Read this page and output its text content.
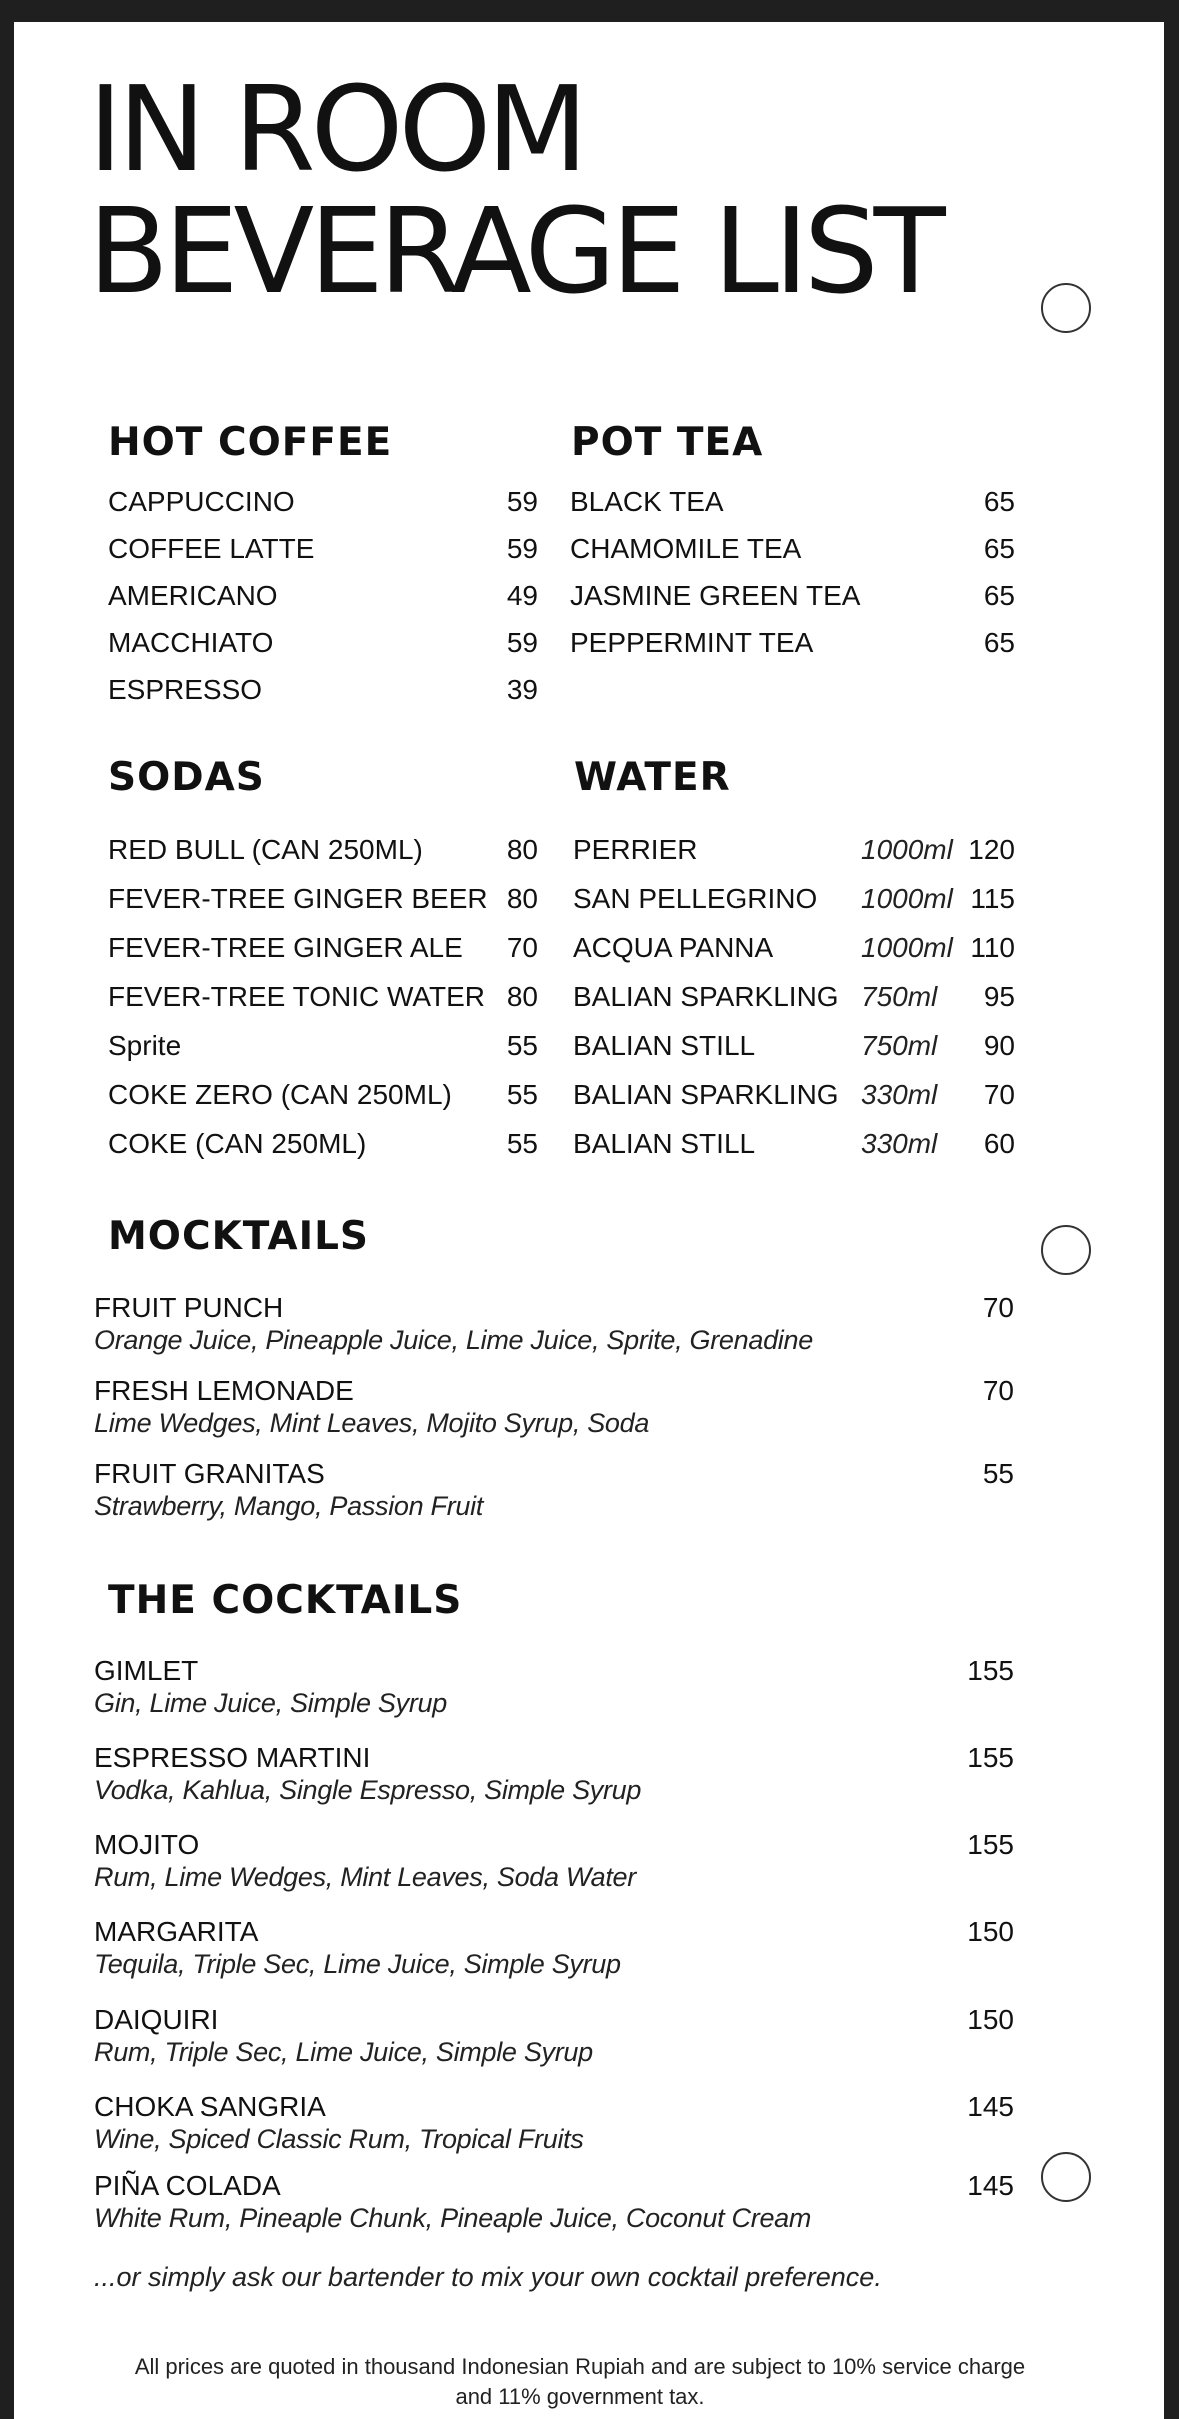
IN ROOM
BEVERAGE LIST
HOT COFFEE
CAPPUCCINO	59
COFFEE LATTE	59
AMERICANO	49
MACCHIATO	59
ESPRESSO	39
POT TEA
BLACK TEA	65
CHAMOMILE TEA	65
JASMINE GREEN TEA	65
PEPPERMINT TEA	65
SODAS
RED BULL (CAN 250ML)	80
FEVER-TREE GINGER BEER 80
FEVER-TREE GINGER ALE 70
FEVER-TREE TONIC WATER 80
Sprite	55
COKE ZERO (CAN 250ML) 55
COKE (CAN 250ML)	55
WATER
PERRIER	1000ml 120
SAN PELLEGRINO 1000ml 115
ACQUA PANNA	1000ml 110
BALIAN SPARKLING 750ml 95
BALIAN STILL	750ml 90
BALIAN SPARKLING 330ml 70
BALIAN STILL	330ml 60
MOCKTAILS
FRUIT PUNCH
Orange Juice, Pineapple Juice, Lime Juice, Sprite, Grenadine
70
FRESH LEMONADE
Lime Wedges, Mint Leaves, Mojito Syrup, Soda
70
FRUIT GRANITAS
Strawberry, Mango, Passion Fruit
55
THE COCKTAILS
GIMLET
Gin, Lime Juice, Simple Syrup
155
ESPRESSO MARTINI
Vodka, Kahlua, Single Espresso, Simple Syrup
155
MOJITO
Rum, Lime Wedges, Mint Leaves, Soda Water
155
MARGARITA
Tequila, Triple Sec, Lime Juice, Simple Syrup
150
DAIQUIRI
Rum, Triple Sec, Lime Juice, Simple Syrup
150
CHOKA SANGRIA
Wine, Spiced Classic Rum, Tropical Fruits
145
PIÑA COLADA
White Rum, Pineaple Chunk, Pineaple Juice, Coconut Cream
145
...or simply ask our bartender to mix your own cocktail preference.
All prices are quoted in thousand Indonesian Rupiah and are subject to 10% service charge
and 11% government tax.
